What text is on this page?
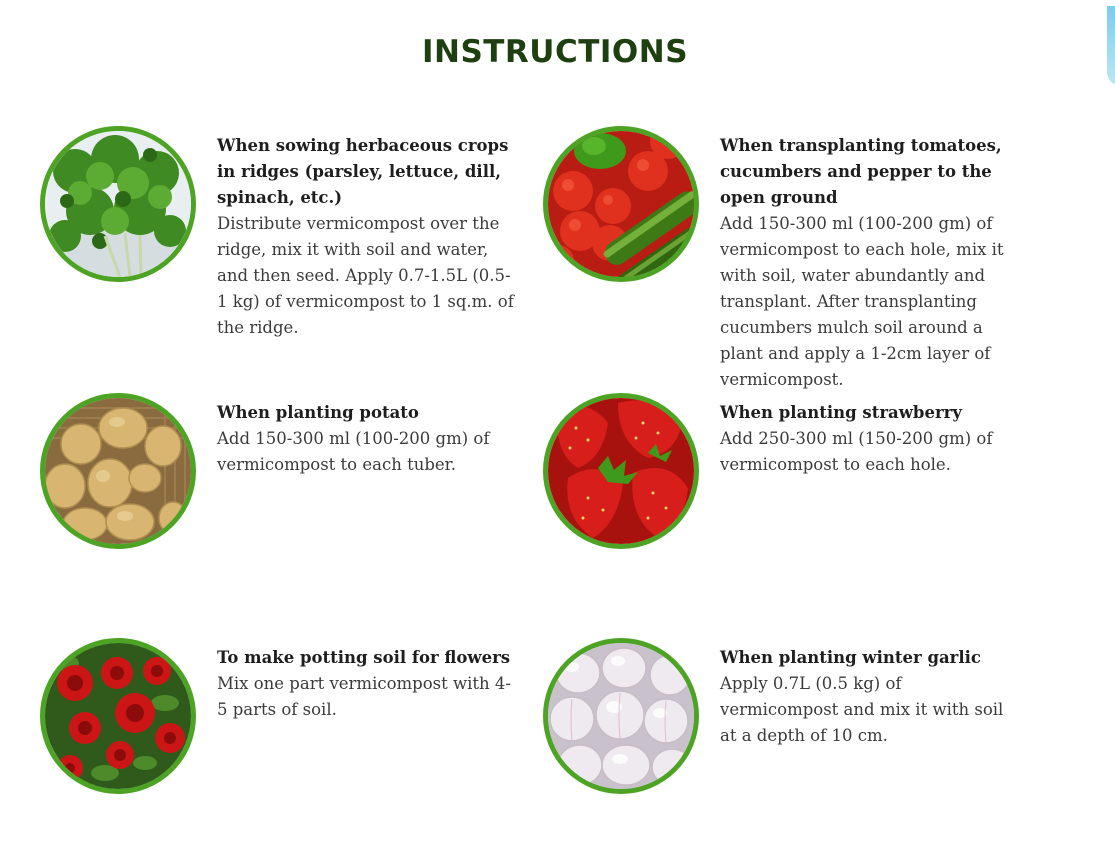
INSTRUCTIONS

When sowing herbaceous crops in ridges (parsley, lettuce, dill, spinach, etc.)

Distribute vermicompost over the ridge, mix it with soil and water, and then seed. Apply 0.7-1.5L (0.5-1 kg) of vermicompost to 1 sq.m. of the ridge.

When transplanting tomatoes, cucumbers and pepper to the open ground

Add 150-300 ml (100-200 gm) of vermicompost to each hole, mix it with soil, water abundantly and transplant. After transplanting cucumbers mulch soil around a plant and apply a 1-2cm layer of vermicompost.

When planting potato

Add 150-300 ml (100-200 gm) of vermicompost to each tuber.

When planting strawberry

Add 250-300 ml (150-200 gm) of vermicompost to each hole.

To make potting soil for flowers

Mix one part vermicompost with 4-5 parts of soil.

When planting winter garlic

Apply 0.7L (0.5 kg) of vermicompost and mix it with soil at a depth of 10 cm.
